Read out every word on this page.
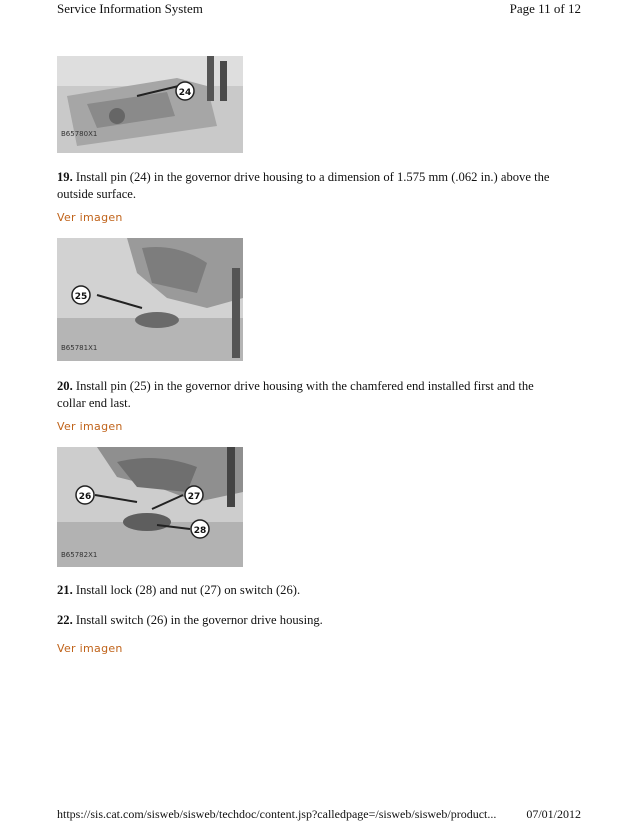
Service Information System	Page 11 of 12
24
B65780X1
19. Install pin (24) in the governor drive housing to a dimension of 1.575 mm (.062 in.) above the outside surface.
Ver imagen
25
B65781X1
20. Install pin (25) in the governor drive housing with the chamfered end installed first and the collar end last.
Ver imagen
26	27
28
B65782X1
21. Install lock (28) and nut (27) on switch (26).
22. Install switch (26) in the governor drive housing.
Ver imagen
https://sis.cat.com/sisweb/sisweb/techdoc/content.jsp?calledpage=/sisweb/sisweb/product... 07/01/2012
